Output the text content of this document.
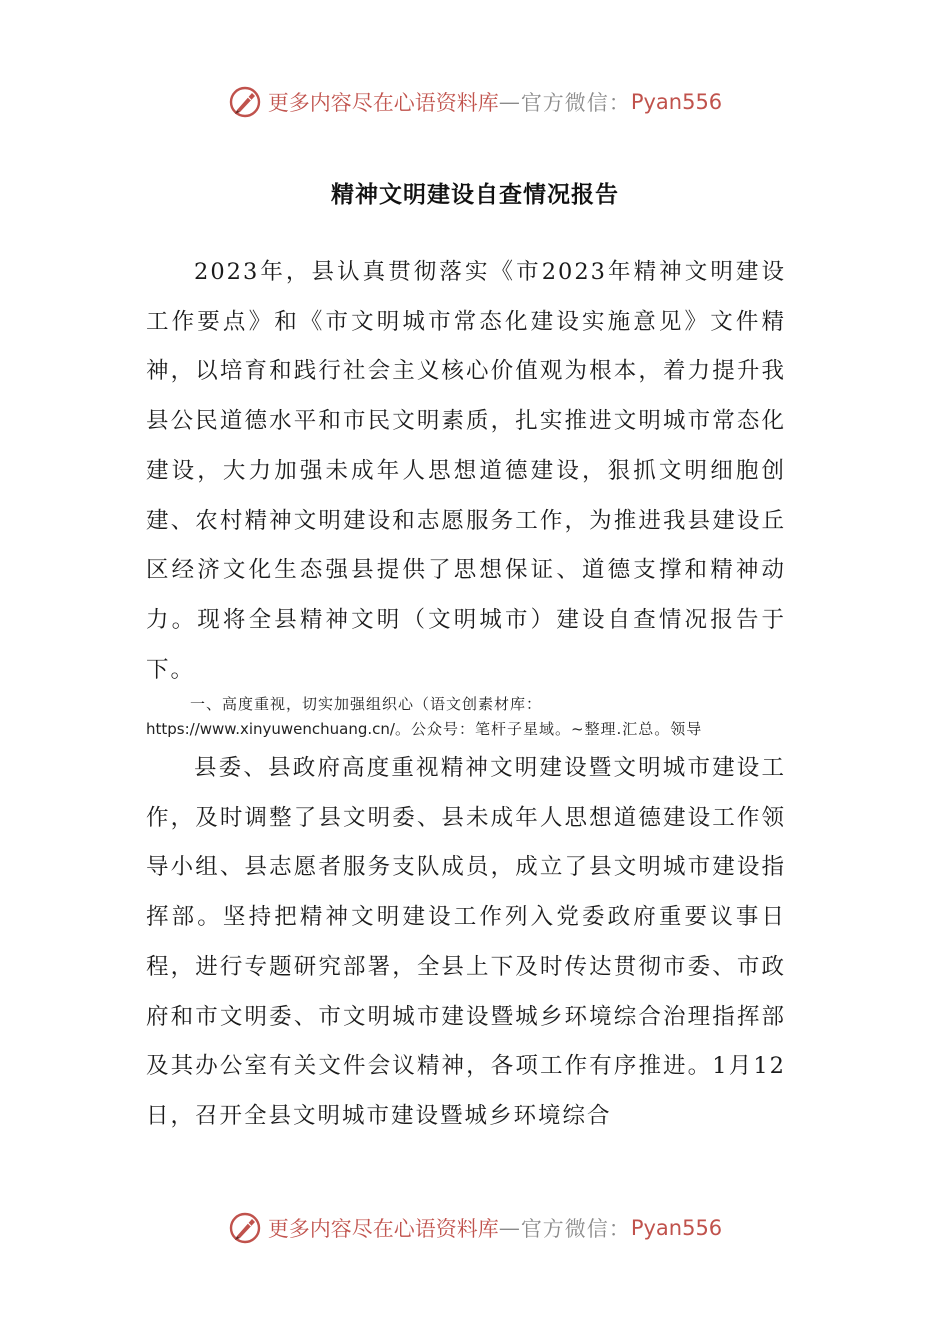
更多内容尽在心语资料库 — 官方微信： Pyan556
精神文明建设自查情况报告

2023年，县认真贯彻落实《市2023年精神文明建设工作要点》和《市文明城市常态化建设实施意见》文件精神，以培育和践行社会主义核心价值观为根本，着力提升我县公民道德水平和市民文明素质，扎实推进文明城市常态化建设，大力加强未成年人思想道德建设，狠抓文明细胞创建、农村精神文明建设和志愿服务工作，为推进我县建设丘区经济文化生态强县提供了思想保证、道德支撑和精神动力。现将全县精神文明（文明城市）建设自查情况报告于下。

一、高度重视，切实加强组织心（语文创素材库：https://www.xinyuwenchuang.cn/。公众号：笔杆子星域。~整理.汇总。领导

县委、县政府高度重视精神文明建设暨文明城市建设工作，及时调整了县文明委、县未成年人思想道德建设工作领导小组、县志愿者服务支队成员，成立了县文明城市建设指挥部。坚持把精神文明建设工作列入党委政府重要议事日程，进行专题研究部署，全县上下及时传达贯彻市委、市政府和市文明委、市文明城市建设暨城乡环境综合治理指挥部及其办公室有关文件会议精神，各项工作有序推进。1月12日，召开全县文明城市建设暨城乡环境综合

更多内容尽在心语资料库 — 官方微信： Pyan556
